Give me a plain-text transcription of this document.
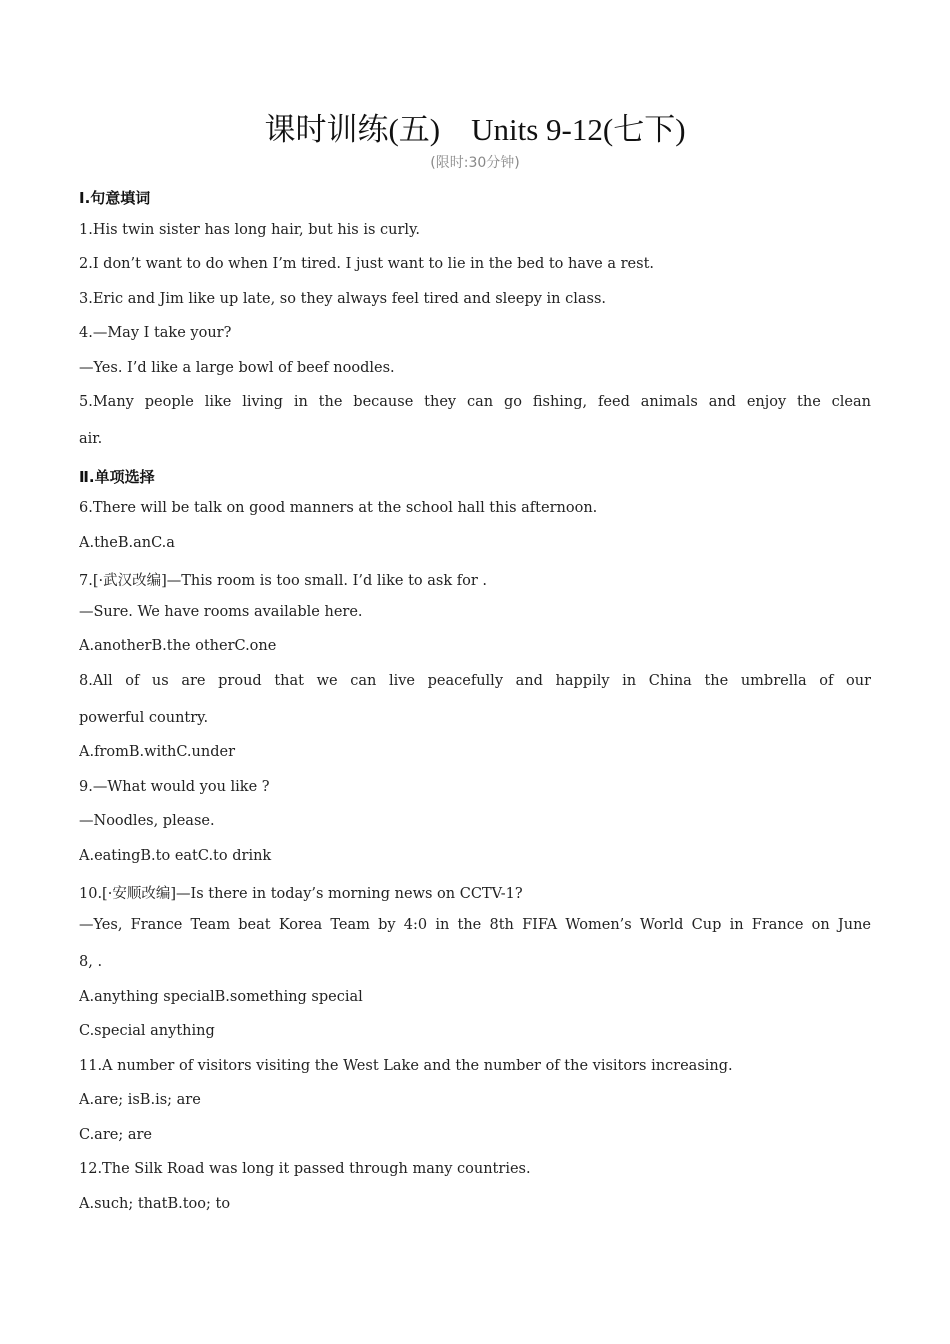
课时训练(五)    Units 9-12(七下)
(限时:30分钟)
Ⅰ.句意填词
1.His twin sister has long hair, but his is curly.
2.I don’t want to do when I’m tired. I just want to lie in the bed to have a rest.
3.Eric and Jim like up late, so they always feel tired and sleepy in class.
4.—May I take your?
—Yes. I’d like a large bowl of beef noodles.
5.Many people like living in the because they can go fishing, feed animals and enjoy the clean
air.
Ⅱ.单项选择
6.There will be talk on good manners at the school hall this afternoon.
A.theB.anC.a
7.[·武汉改编]—This room is too small. I’d like to ask for .
—Sure. We have rooms available here.
A.anotherB.the otherC.one
8.All of us are proud that we can live peacefully and happily in China the umbrella of our
powerful country.
A.fromB.withC.under
9.—What would you like ?
—Noodles, please.
A.eatingB.to eatC.to drink
10.[·安顺改编]—Is there in today’s morning news on CCTV-1?
—Yes, France Team beat Korea Team by 4:0 in the 8th FIFA Women’s World Cup in France on June
8, .
A.anything specialB.something special
C.special anything
11.A number of visitors visiting the West Lake and the number of the visitors increasing.
A.are; isB.is; are
C.are; are
12.The Silk Road was long it passed through many countries.
A.such; thatB.too; to
